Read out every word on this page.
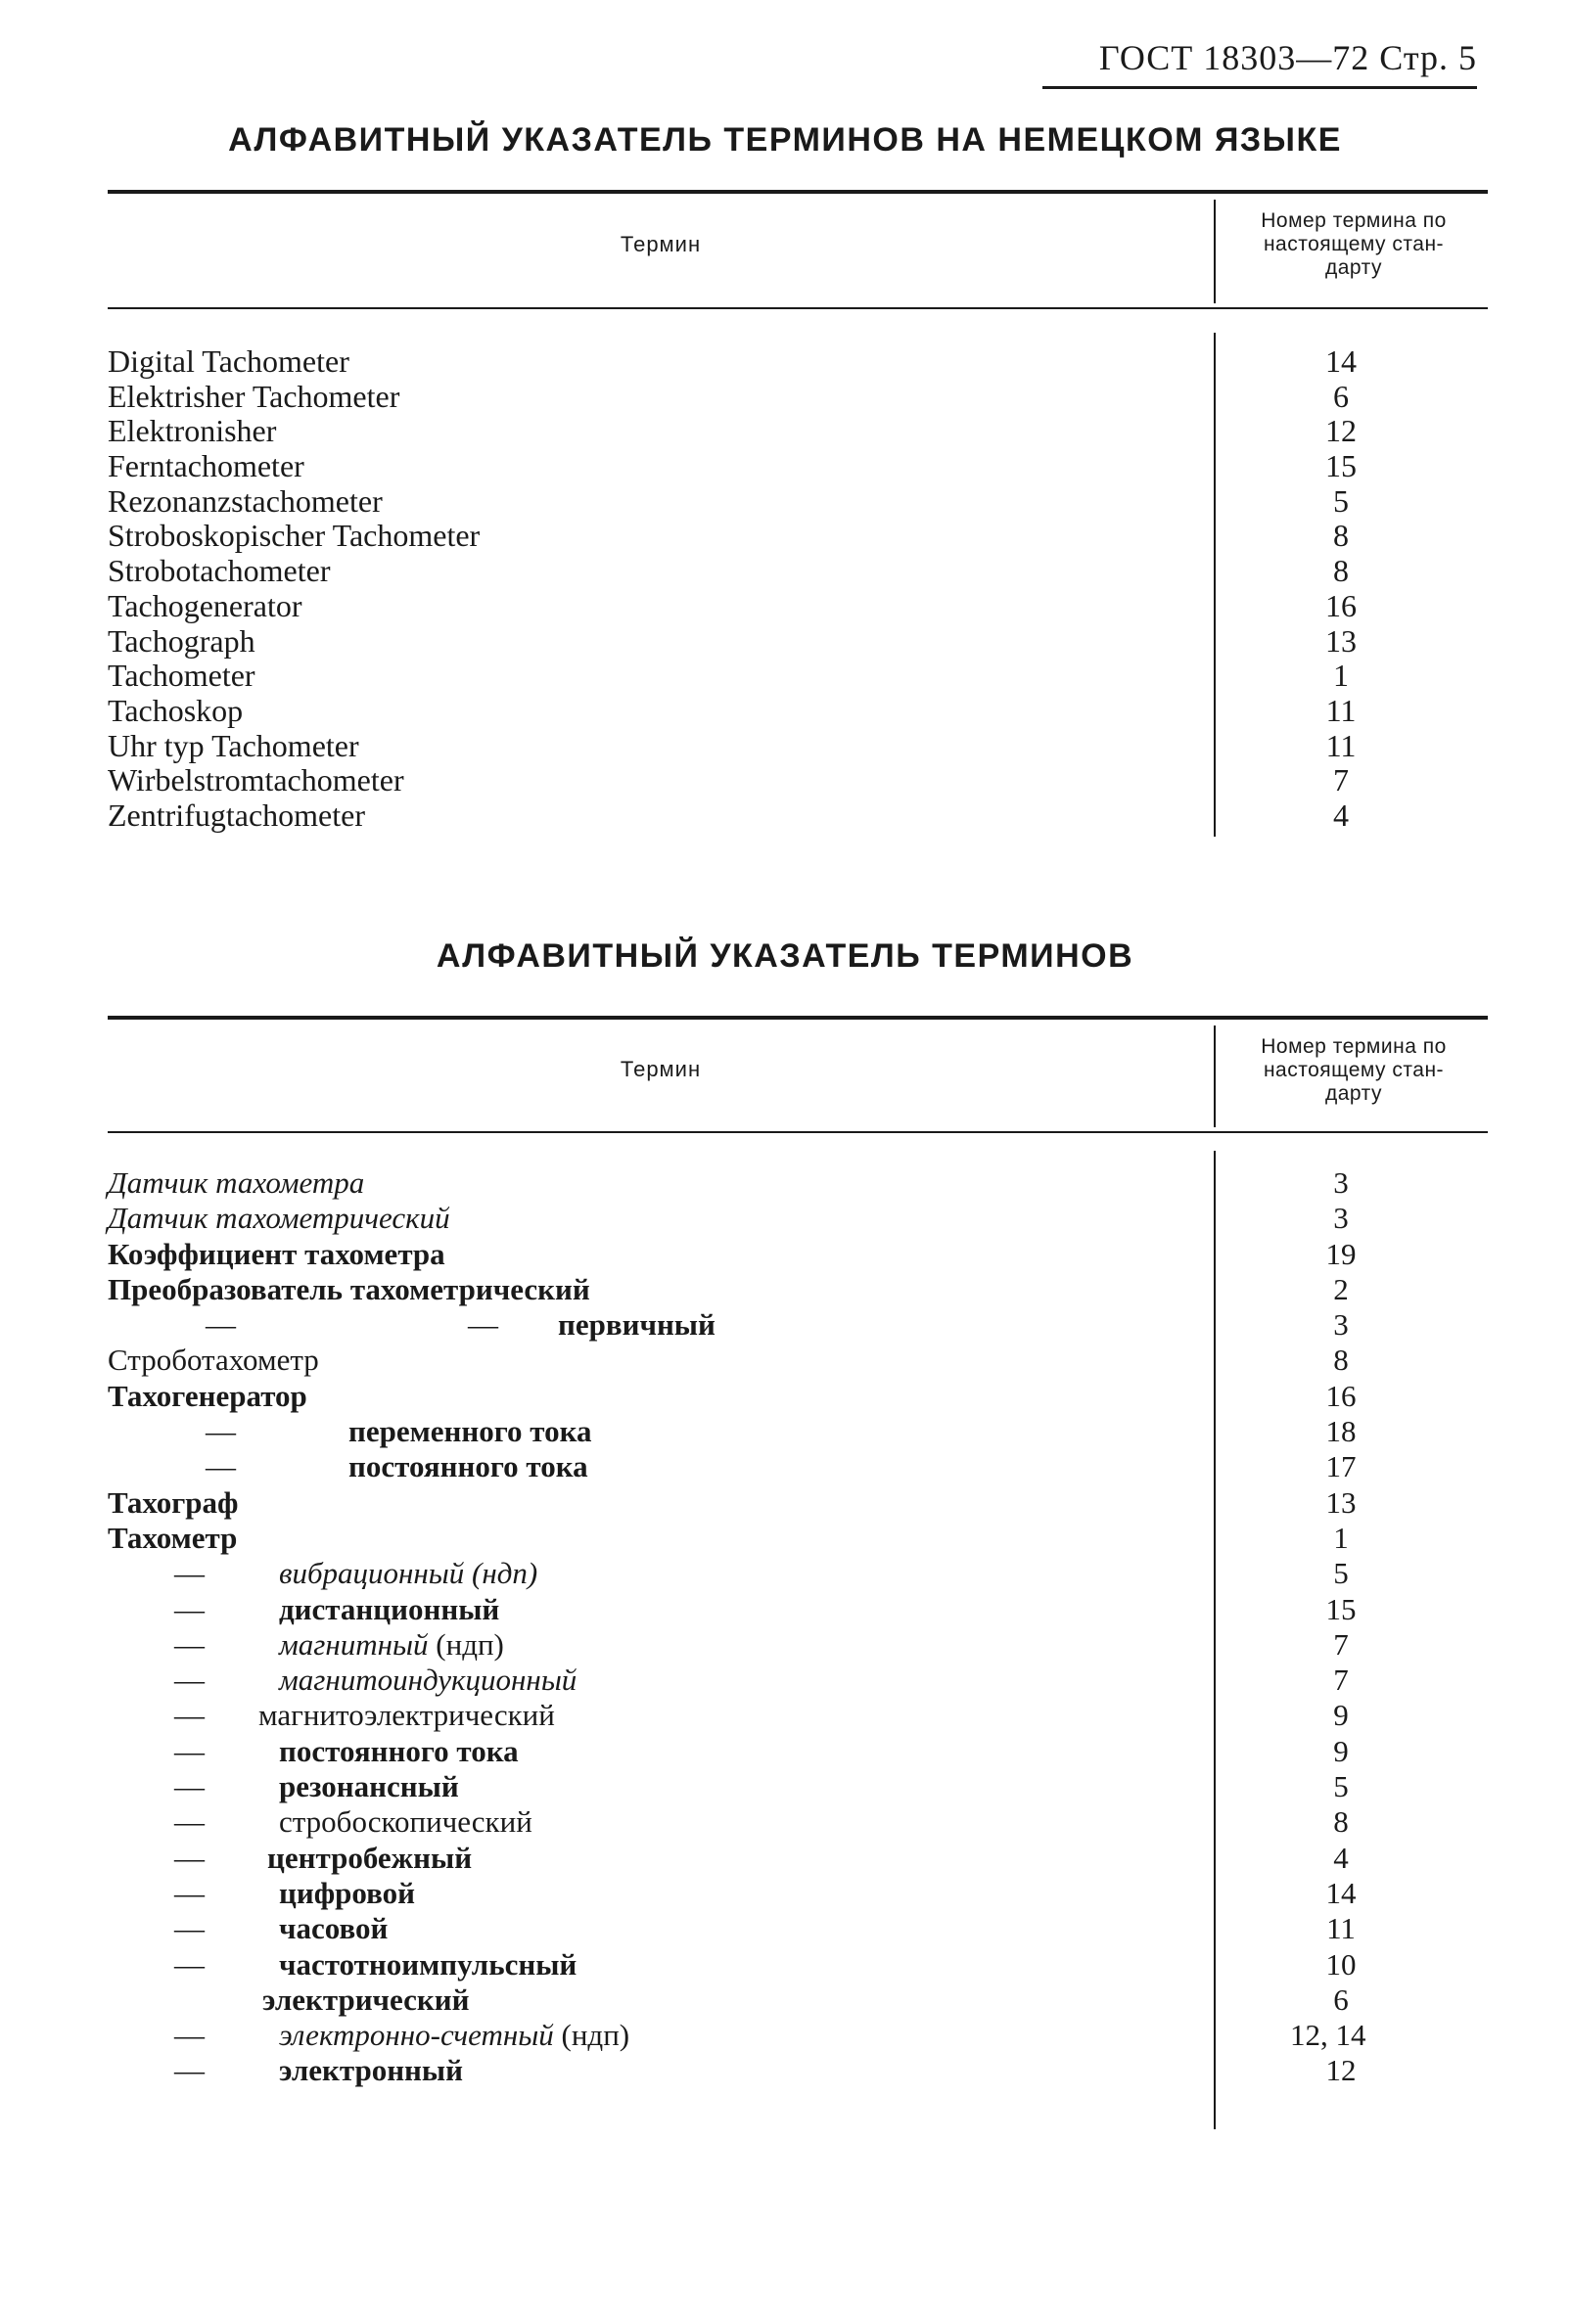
ГОСТ 18303—72 Стр. 5
АЛФАВИТНЫЙ УКАЗАТЕЛЬ ТЕРМИНОВ НА НЕМЕЦКОМ ЯЗЫКЕ
Термин
Номер термина по
настоящему стан-
дарту
Digital Tachometer	14
Elektrisher Tachometer	6
Elektronisher	12
Ferntachometer	15
Rezonanzstachometer	5
Stroboskopischer Tachometer	8
Strobotachometer	8
Tachogenerator	16
Tachograph	13
Tachometer	1
Tachoskop	11
Uhr typ Tachometer	11
Wirbelstromtachometer	7
Zentrifugtachometer	4
АЛФАВИТНЫЙ УКАЗАТЕЛЬ ТЕРМИНОВ
Термин
Номер термина по
настоящему стан-
дарту
Датчик тахометра	3
Датчик тахометрический	3
Коэффициент тахометра	19
Преобразователь тахометрический	2
—	— первичный	3
Строботахометр	8
Тахогенератор	16
—	переменного тока	18
—	постоянного тока	17
Тахограф	13
Тахометр	1
— вибрационный (ндп)	5
— дистанционный	15
— магнитный (ндп)	7
— магнитоиндукционный	7
— магнитоэлектрический	9
— постоянного тока	9
— резонансный	5
— стробоскопический	8
— центробежный	4
— цифровой	14
— часовой	11
— частотноимпульсный	10
электрический	6
— электронно-счетный (ндп)	12, 14
— электронный	12
